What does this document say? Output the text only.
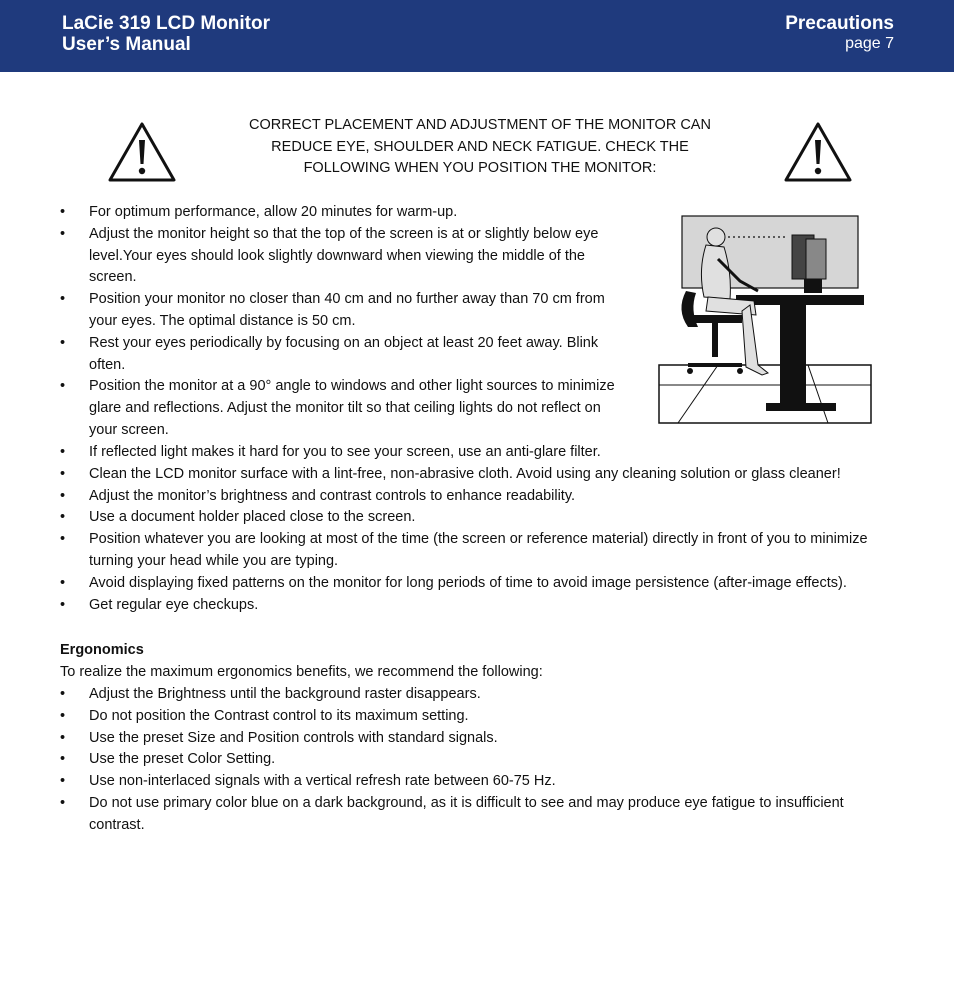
LaCie 319 LCD Monitor
User’s Manual
Precautions
page 7
CORRECT PLACEMENT AND ADJUSTMENT OF THE MONITOR CAN
REDUCE EYE, SHOULDER AND NECK FATIGUE. CHECK THE
FOLLOWING WHEN YOU POSITION THE MONITOR:
• For optimum performance, allow 20 minutes for warm-up.
• Adjust the monitor height so that the top of the screen is at or slightly below eye level.Your eyes should look slightly downward when viewing the middle of the screen.
• Position your monitor no closer than 40 cm and no further away than 70 cm from your eyes. The optimal distance is 50 cm.
• Rest your eyes periodically by focusing on an object at least 20 feet away. Blink often.
• Position the monitor at a 90° angle to windows and other light sources to minimize glare and reflections. Adjust the monitor tilt so that ceiling lights do not reflect on your screen.
• If reflected light makes it hard for you to see your screen, use an anti-glare filter.
• Clean the LCD monitor surface with a lint-free, non-abrasive cloth. Avoid using any cleaning solution or glass cleaner!
• Adjust the monitor’s brightness and contrast controls to enhance readability.
• Use a document holder placed close to the screen.
• Position whatever you are looking at most of the time (the screen or reference material) directly in front of you to minimize turning your head while you are typing.
• Avoid displaying fixed patterns on the monitor for long periods of time to avoid image persistence (after-image effects).
• Get regular eye checkups.
Ergonomics
To realize the maximum ergonomics benefits, we recommend the following:
• Adjust the Brightness until the background raster disappears.
• Do not position the Contrast control to its maximum setting.
• Use the preset Size and Position controls with standard signals.
• Use the preset Color Setting.
• Use non-interlaced signals with a vertical refresh rate between 60-75 Hz.
• Do not use primary color blue on a dark background, as it is difficult to see and may produce eye fatigue to insufficient contrast.
